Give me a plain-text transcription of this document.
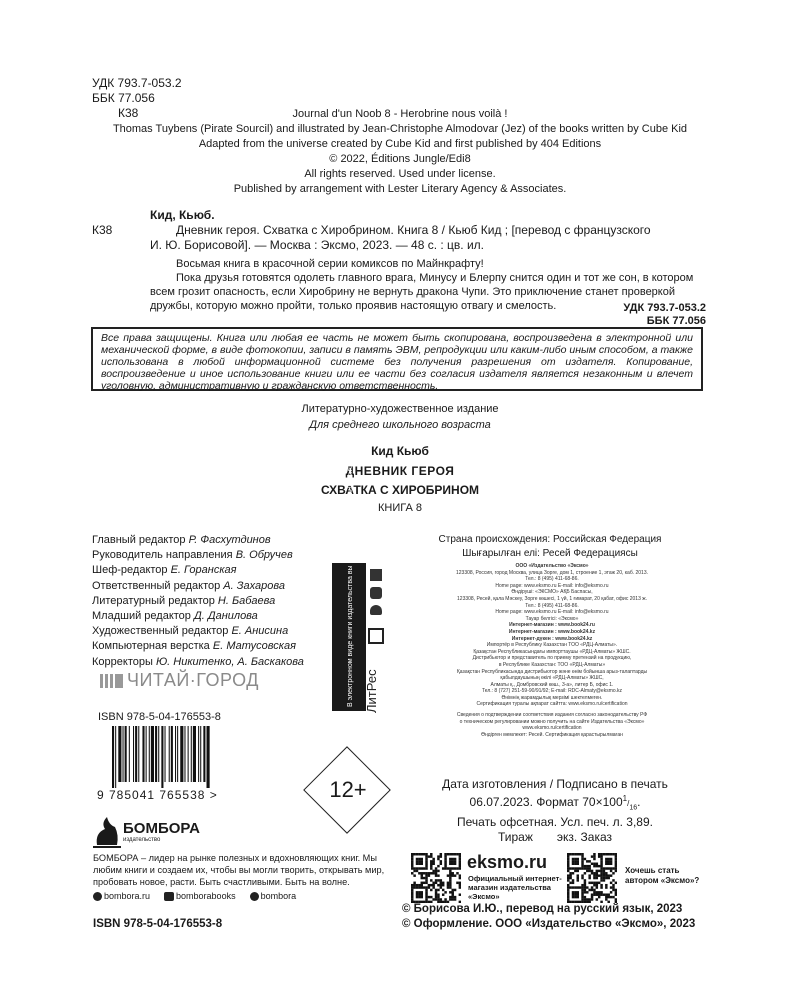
УДК 793.7-053.2
ББК 77.056
К38	Journal d'un Noob 8 - Herobrine nous voilà !
Thomas Tuybens (Pirate Sourcil) and illustrated by Jean-Christophe Almodovar (Jez) of the books written by Cube Kid
Adapted from the universe created by Cube Kid and first published by 404 Editions
© 2022, Éditions Jungle/Edi8
All rights reserved. Used under license.
Published by arrangement with Lester Literary Agency & Associates.
К38
Кид, Кьюб.
Дневник героя. Схватка с Хиробрином. Книга 8 / Кьюб Кид ; [перевод с французского
И. Ю. Борисовой]. — Москва : Эксмо, 2023. — 48 с. : цв. ил.
Восьмая книга в красочной серии комиксов по Майнкрафту!
Пока друзья готовятся одолеть главного врага, Минусу и Блерпу снится один и тот же сон, в котором всем грозит опасность, если Хиробрину не вернуть дракона Чупи. Это приключение станет проверкой дружбы, которую можно пройти, только проявив настоящую отвагу и смелость.	УДК 793.7-053.2
ББК 77.056
Все права защищены. Книга или любая ее часть не может быть скопирована, воспроизведена в электронной или механической форме, в виде фотокопии, записи в память ЭВМ, репродукции или каким-либо иным способом, а также использована в любой информационной системе без получения разрешения от издателя. Копирование, воспроизведение и иное использование книги или ее части без согласия издателя является незаконным и влечет уголовную, административную и гражданскую ответственность.
Литературно-художественное издание
Для среднего школьного возраста
Кид Кьюб
ДНЕВНИК ГЕРОЯ
СХВАТКА С ХИРОБРИНОМ
КНИГА 8
Главный редактор Р. Фасхутдинов
Руководитель направления В. Обручев
Шеф-редактор Е. Горанская
Ответственный редактор А. Захарова
Литературный редактор Н. Бабаева
Младший редактор Д. Данилова
Художественный редактор Е. Анисина
Компьютерная верстка Е. Матусовская
Корректоры Ю. Никитенко, А. Баскакова
ЧИТАЙ·ГОРОД	В электронном виде книги издательства вы можете купить на www.litres.ru ЛитРес
ISBN 978-5-04-176553-8
9 785041 765538 >	12+
Страна происхождения: Российская Федерация
Шығарылған елі: Ресей Федерациясы
ООО «Издательство «Эксмо»
123308, Россия, город Москва, улица Зорге, дом 1, строение 1, этаж 20, каб. 2013.
Тел.: 8 (495) 411-68-86.
Home page: www.eksmo.ru E-mail: info@eksmo.ru
Өндіруші: «ЭКСМО» АҚБ Баспасы,
123308, Ресей, қала Мәскеу, Зорге көшесі, 1 үй, 1 ғимарат, 20 қабат, офис 2013 ж.
Тел.: 8 (495) 411-68-86.
Home page: www.eksmo.ru E-mail: info@eksmo.ru
Тауар белгісі: «Эксмо»
Интернет-магазин : www.book24.ru
Интернет-магазин : www.book24.kz
Интернет-дүкен : www.book24.kz
Импортёр в Республику Казахстан ТОО «РДЦ-Алматы».
Қазақстан Республикасындағы импорттаушы «РДЦ-Алматы» ЖШС.
Дистрибьютор и представитель по приему претензий на продукцию,
в Республике Казахстан: ТОО «РДЦ-Алматы»
Қазақстан Республикасында дистрибьютор және өнім бойынша арыз-талаптарды
қабылдаушының өкілі «РДЦ-Алматы» ЖШС,
Алматы қ., Домбровский көш., 3-а», литер Б, офис 1.
Тел.: 8 (727) 251-59-90/91/92; E-mail: RDC-Almaty@eksmo.kz
Өнімнің жарамдылық мерзімі шектелмеген.
Сертификация туралы ақпарат сайтта: www.eksmo.ru/certification
Сведения о подтверждении соответствия издания согласно законодательству РФ
о техническом регулировании можно получить на сайте Издательства «Эксмо»
www.eksmo.ru/certification
Өндірген мемлекет: Ресей. Сертификация қарастырылмаған
Дата изготовления / Подписано в печать
06.07.2023. Формат $70\times 100^1/_{16}$.
Печать офсетная. Усл. печ. л. 3,89.
Тираж экз. Заказ
БОМБОРА
издательство
БОМБОРА – лидер на рынке полезных и вдохновляющих книг. Мы любим книги и создаем их, чтобы вы могли творить, открывать мир, пробовать новое, расти. Быть счастливыми. Быть на волне.
bombora.ru	bomborabooks	bombora
eksmo.ru
Официальный интернет-магазин издательства «Эксмо»
Хочешь стать автором «Эксмо»?
ISBN 978-5-04-176553-8
© Борисова И.Ю., перевод на русский язык, 2023
© Оформление. ООО «Издательство «Эксмо», 2023
